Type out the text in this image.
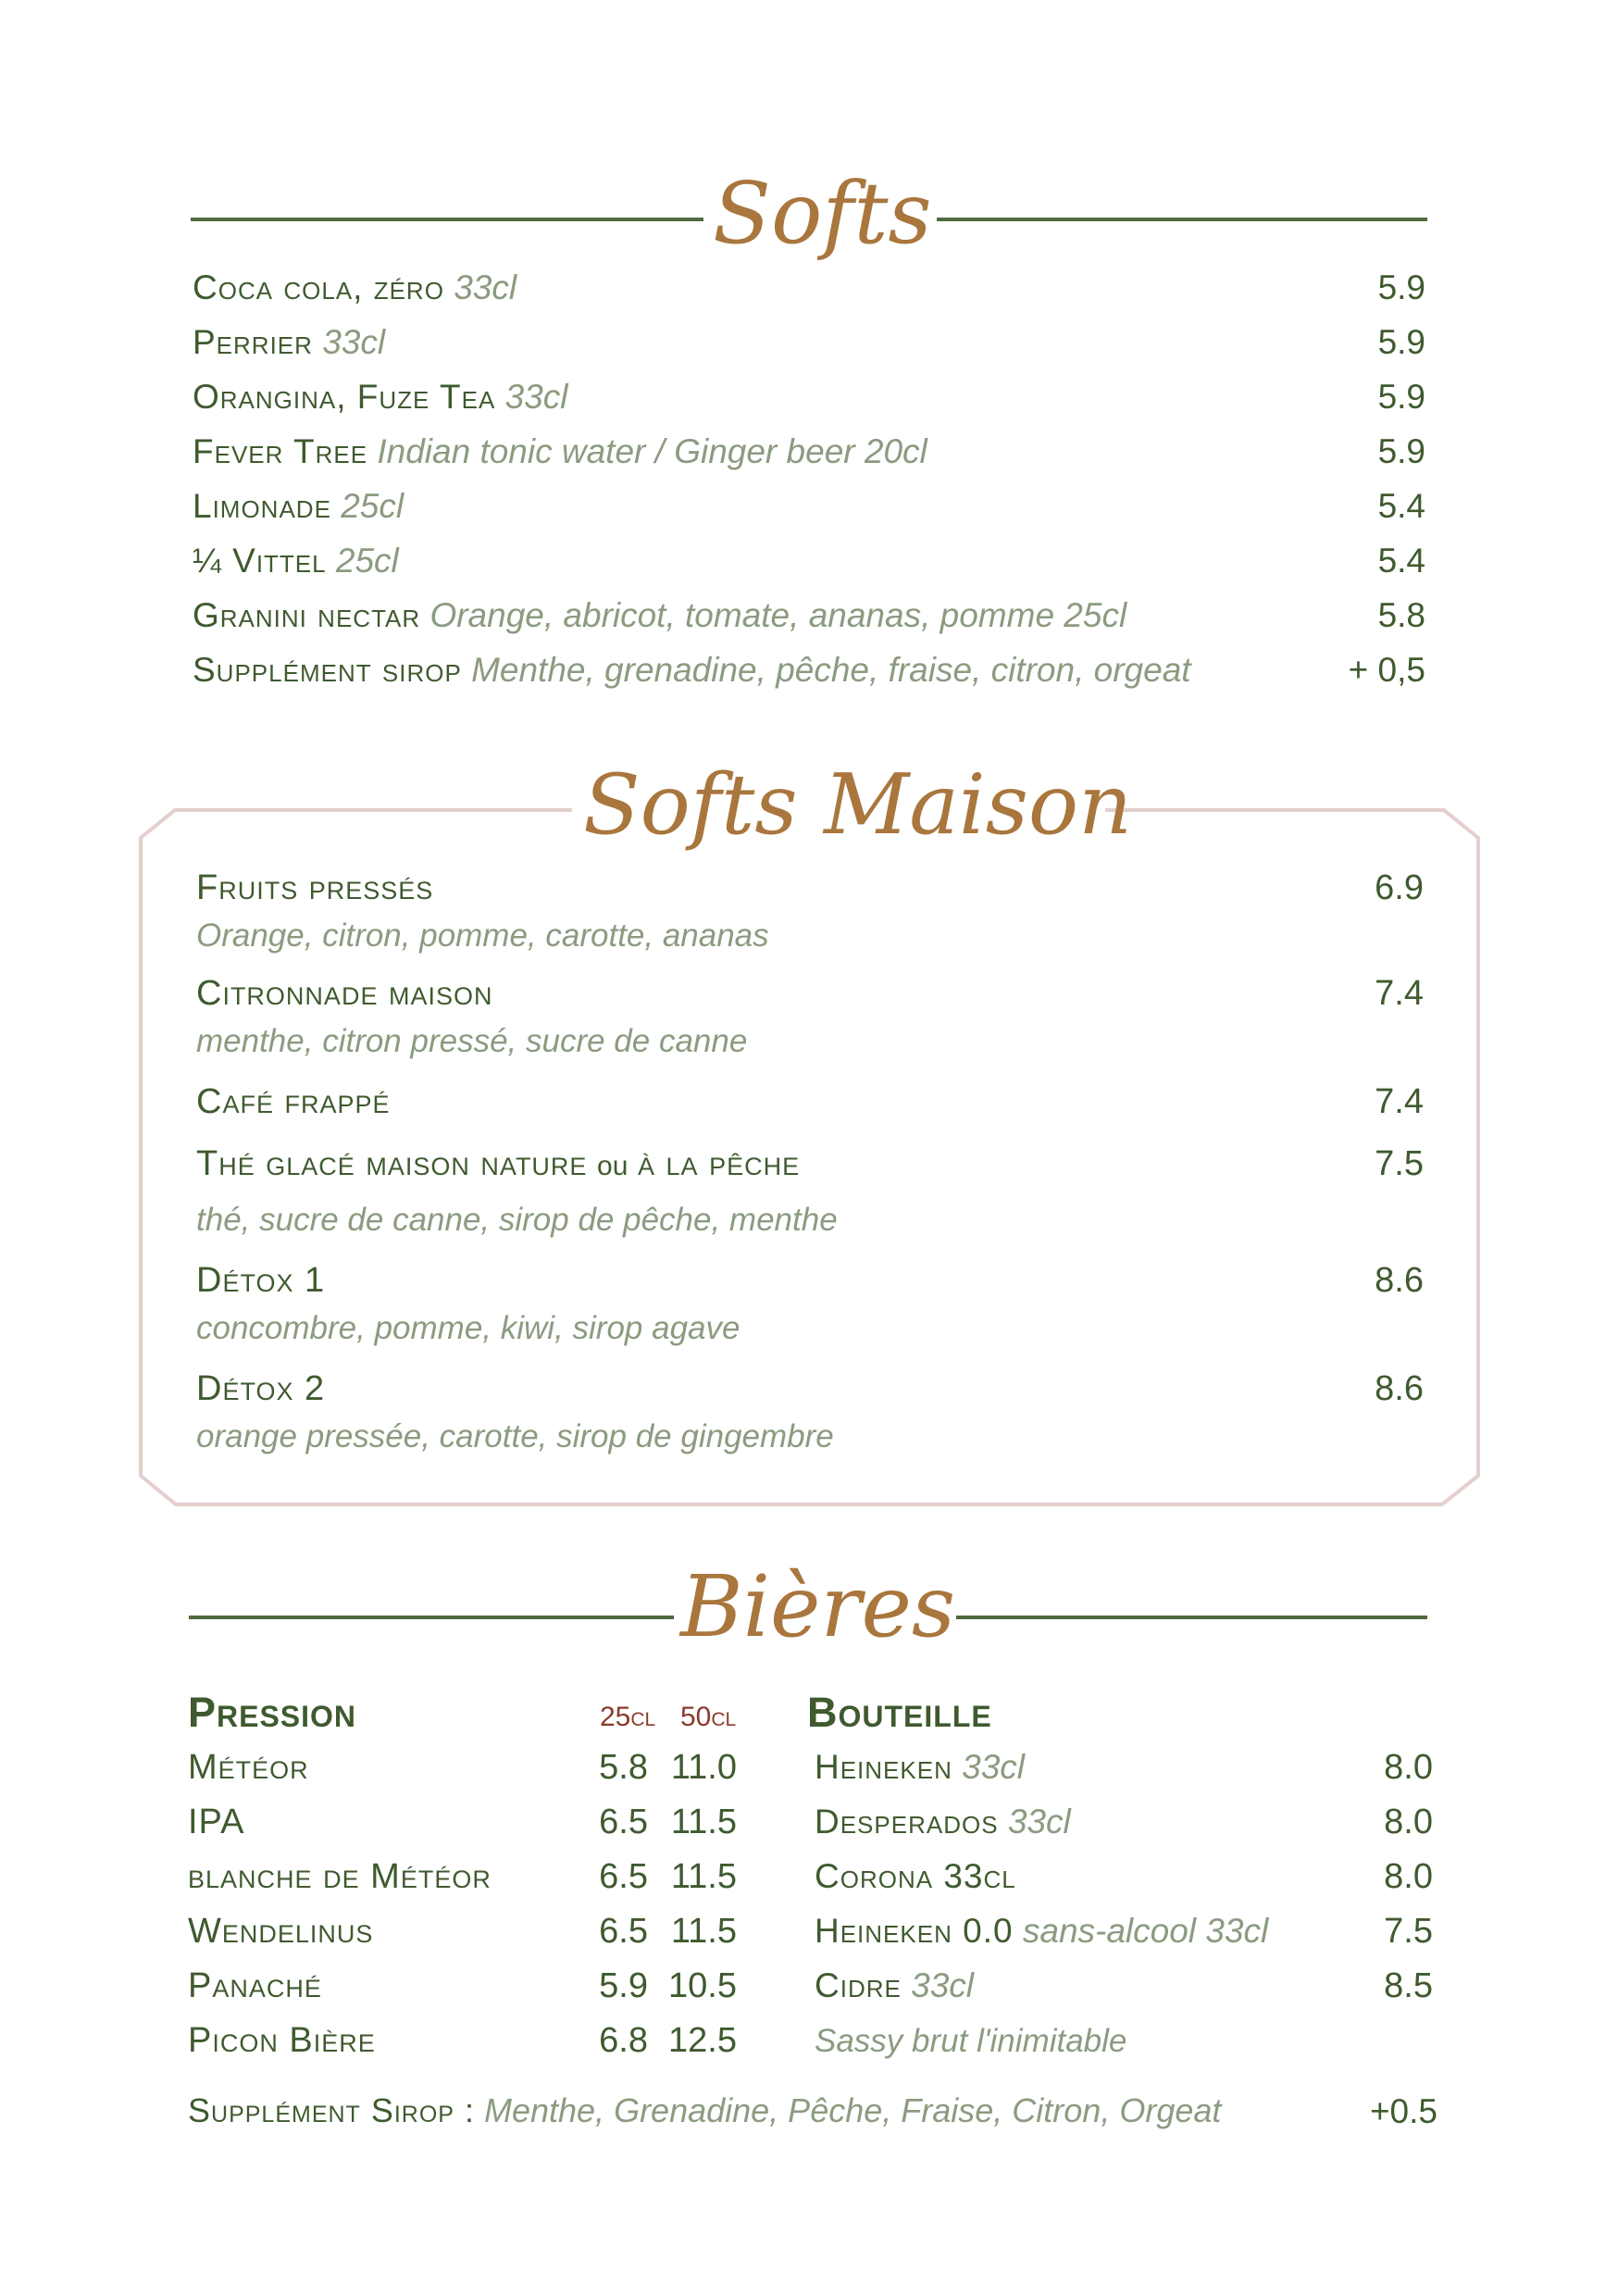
Softs
Coca cola, zéro 33cl	5.9
Perrier 33cl	5.9
Orangina, Fuze Tea 33cl	5.9
Fever Tree Indian tonic water / Ginger beer 20cl	5.9
Limonade 25cl	5.4
¼ Vittel 25cl	5.4
Granini nectar Orange, abricot, tomate, ananas, pomme 25cl	5.8
Supplément sirop Menthe, grenadine, pêche, fraise, citron, orgeat	+ 0,5
Softs Maison
Fruits pressés	6.9
Orange, citron, pomme, carotte, ananas
Citronnade maison	7.4
menthe, citron pressé, sucre de canne
Café frappé	7.4
Thé glacé maison nature ou à la pêche	7.5
thé, sucre de canne, sirop de pêche, menthe
Détox 1	8.6
concombre, pomme, kiwi, sirop agave
Détox 2	8.6
orange pressée, carotte, sirop de gingembre
Bières
Pression	25cl 50cl
Météor	5.8 11.0
IPA	6.5 11.5
blanche de Météor	6.5 11.5
Wendelinus	6.5 11.5
Panaché	5.9 10.5
Picon Bière	6.8 12.5
Bouteille
Heineken 33cl	8.0
Desperados 33cl	8.0
Corona 33cl	8.0
Heineken 0.0 sans-alcool 33cl	7.5
Cidre 33cl	8.5
Sassy brut l'inimitable
Supplément Sirop : Menthe, Grenadine, Pêche, Fraise, Citron, Orgeat	+0.5
